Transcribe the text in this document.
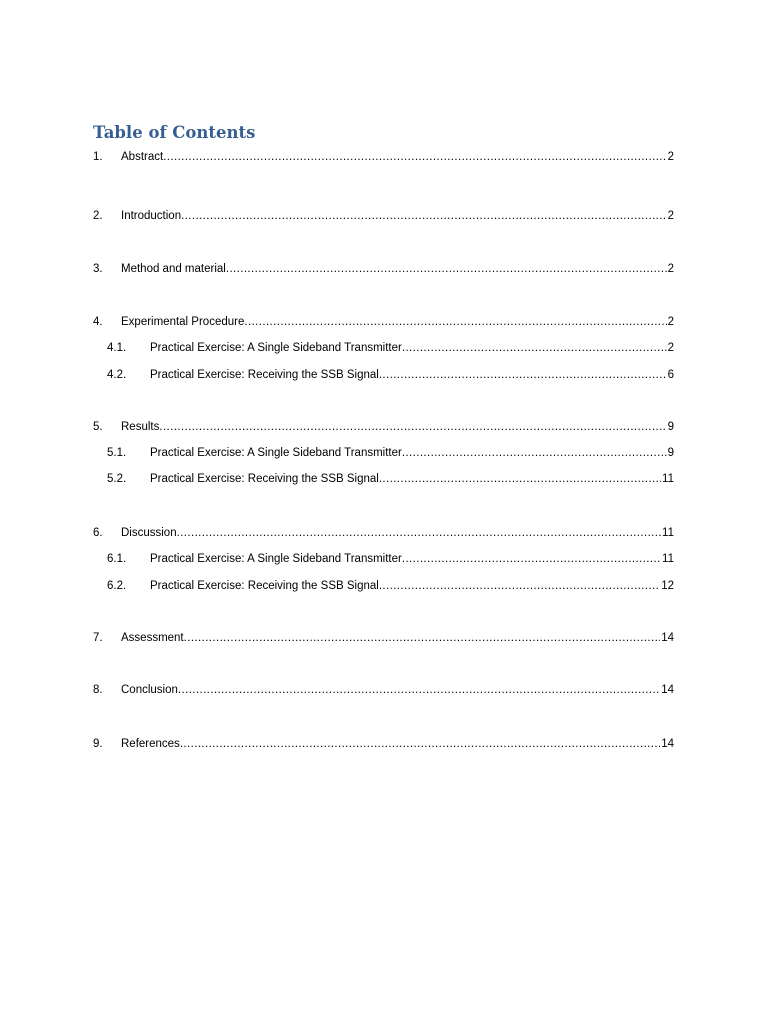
Table of Contents
1. Abstract .....	2
2. Introduction .....	2
3. Method and material .....	2
4. Experimental Procedure .....	2
4.1. Practical Exercise: A Single Sideband Transmitter .....	2
4.2. Practical Exercise: Receiving the SSB Signal .....	6
5. Results .....	9
5.1. Practical Exercise: A Single Sideband Transmitter .....	9
5.2. Practical Exercise: Receiving the SSB Signal .....	11
6. Discussion .....	11
6.1. Practical Exercise: A Single Sideband Transmitter .....	11
6.2. Practical Exercise: Receiving the SSB Signal .....	12
7. Assessment .....	14
8. Conclusion .....	14
9. References .....	14
